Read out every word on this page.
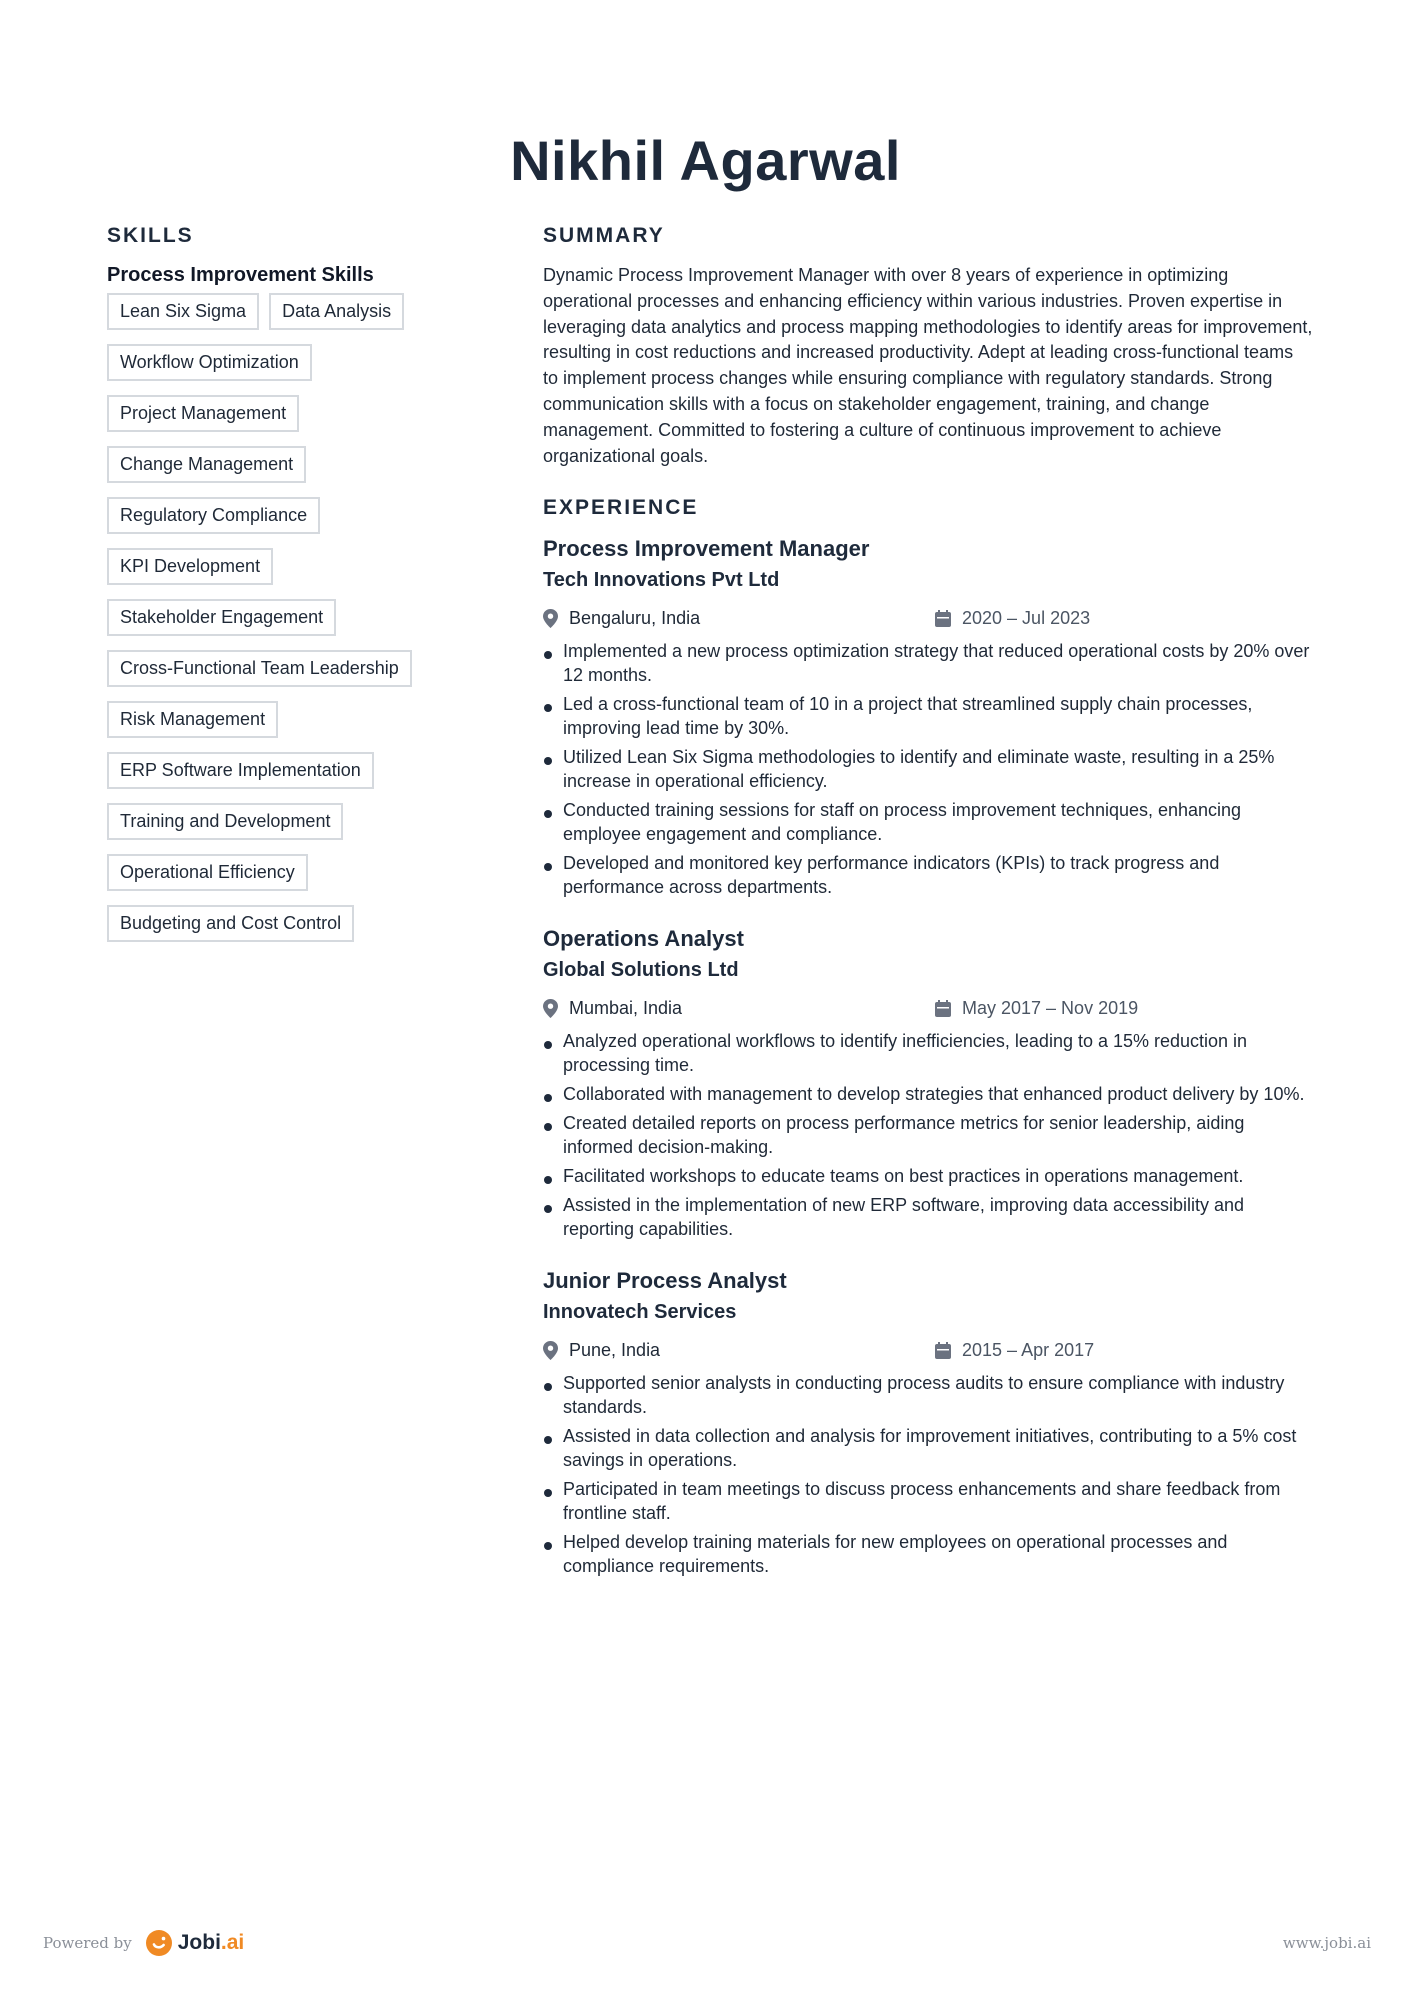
Nikhil Agarwal
SKILLS
Process Improvement Skills
Lean Six Sigma	Data Analysis
Workflow Optimization
Project Management
Change Management
Regulatory Compliance
KPI Development
Stakeholder Engagement
Cross-Functional Team Leadership
Risk Management
ERP Software Implementation
Training and Development
Operational Efficiency
Budgeting and Cost Control
SUMMARY
Dynamic Process Improvement Manager with over 8 years of experience in optimizing operational processes and enhancing efficiency within various industries. Proven expertise in leveraging data analytics and process mapping methodologies to identify areas for improvement, resulting in cost reductions and increased productivity. Adept at leading cross-functional teams to implement process changes while ensuring compliance with regulatory standards. Strong communication skills with a focus on stakeholder engagement, training, and change management. Committed to fostering a culture of continuous improvement to achieve organizational goals.
EXPERIENCE
Process Improvement Manager
Tech Innovations Pvt Ltd
Bengaluru, India	2020 – Jul 2023
Implemented a new process optimization strategy that reduced operational costs by 20% over 12 months.
Led a cross-functional team of 10 in a project that streamlined supply chain processes, improving lead time by 30%.
Utilized Lean Six Sigma methodologies to identify and eliminate waste, resulting in a 25% increase in operational efficiency.
Conducted training sessions for staff on process improvement techniques, enhancing employee engagement and compliance.
Developed and monitored key performance indicators (KPIs) to track progress and performance across departments.
Operations Analyst
Global Solutions Ltd
Mumbai, India	May 2017 – Nov 2019
Analyzed operational workflows to identify inefficiencies, leading to a 15% reduction in processing time.
Collaborated with management to develop strategies that enhanced product delivery by 10%.
Created detailed reports on process performance metrics for senior leadership, aiding informed decision-making.
Facilitated workshops to educate teams on best practices in operations management.
Assisted in the implementation of new ERP software, improving data accessibility and reporting capabilities.
Junior Process Analyst
Innovatech Services
Pune, India	2015 – Apr 2017
Supported senior analysts in conducting process audits to ensure compliance with industry standards.
Assisted in data collection and analysis for improvement initiatives, contributing to a 5% cost savings in operations.
Participated in team meetings to discuss process enhancements and share feedback from frontline staff.
Helped develop training materials for new employees on operational processes and compliance requirements.
Powered by Jobi.ai	www.jobi.ai
